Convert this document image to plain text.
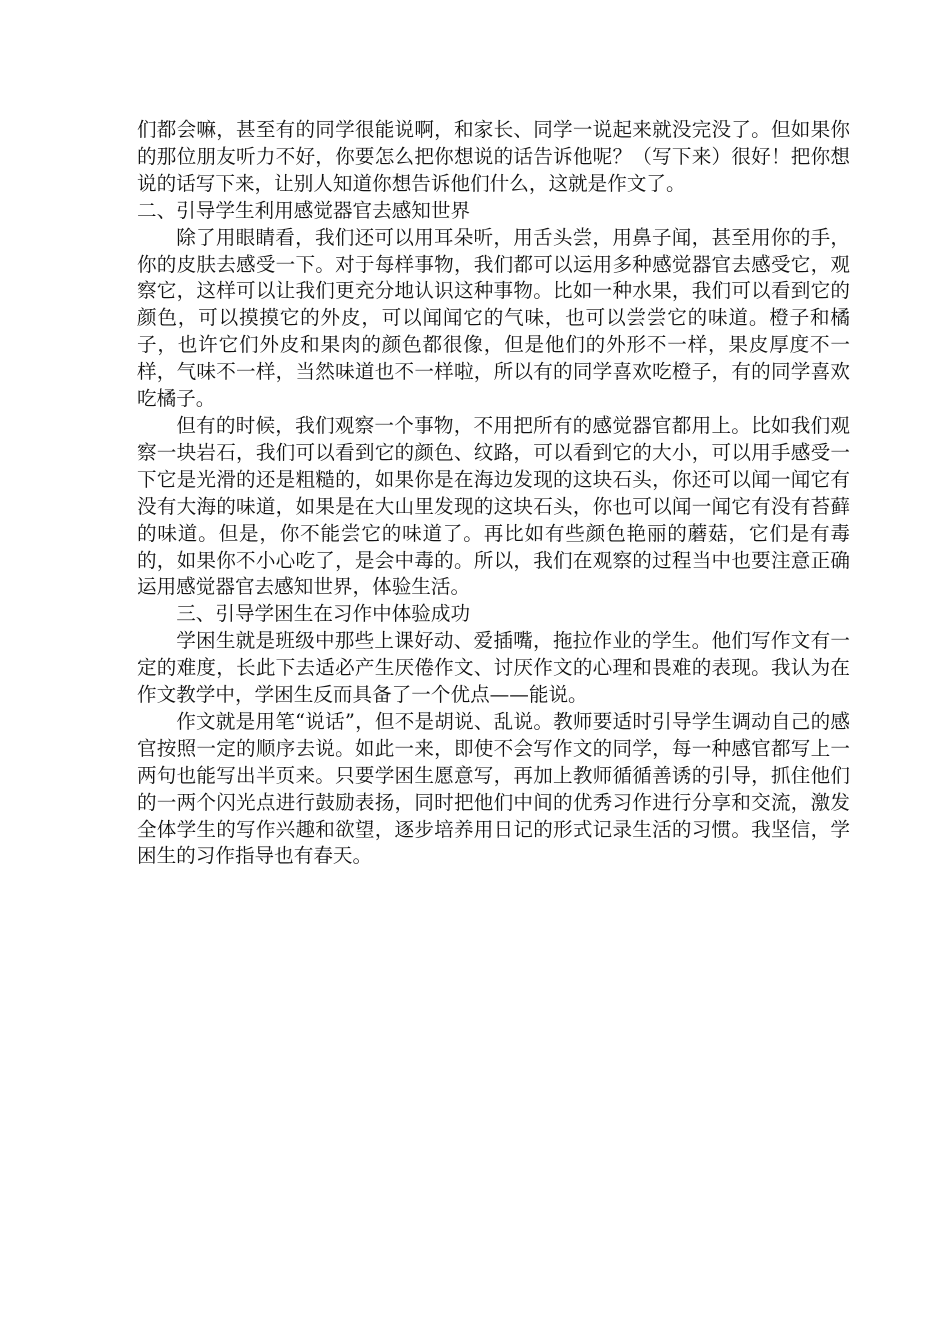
们都会嘛，甚至有的同学很能说啊，和家长、同学一说起来就没完没了。但如果你的那位朋友听力不好，你要怎么把你想说的话告诉他呢？（写下来）很好！把你想说的话写下来，让别人知道你想告诉他们什么，这就是作文了。

二、引导学生利用感觉器官去感知世界

除了用眼睛看，我们还可以用耳朵听，用舌头尝，用鼻子闻，甚至用你的手，你的皮肤去感受一下。对于每样事物，我们都可以运用多种感觉器官去感受它，观察它，这样可以让我们更充分地认识这种事物。比如一种水果，我们可以看到它的颜色，可以摸摸它的外皮，可以闻闻它的气味，也可以尝尝它的味道。橙子和橘子，也许它们外皮和果肉的颜色都很像，但是他们的外形不一样，果皮厚度不一样，气味不一样，当然味道也不一样啦，所以有的同学喜欢吃橙子，有的同学喜欢吃橘子。

但有的时候，我们观察一个事物，不用把所有的感觉器官都用上。比如我们观察一块岩石，我们可以看到它的颜色、纹路，可以看到它的大小，可以用手感受一下它是光滑的还是粗糙的，如果你是在海边发现的这块石头，你还可以闻一闻它有没有大海的味道，如果是在大山里发现的这块石头，你也可以闻一闻它有没有苔藓的味道。但是，你不能尝它的味道了。再比如有些颜色艳丽的蘑菇，它们是有毒的，如果你不小心吃了，是会中毒的。所以，我们在观察的过程当中也要注意正确运用感觉器官去感知世界，体验生活。

三、引导学困生在习作中体验成功

学困生就是班级中那些上课好动、爱插嘴，拖拉作业的学生。他们写作文有一定的难度，长此下去适必产生厌倦作文、讨厌作文的心理和畏难的表现。我认为在作文教学中，学困生反而具备了一个优点——能说。

作文就是用笔“说话”，但不是胡说、乱说。教师要适时引导学生调动自己的感官按照一定的顺序去说。如此一来，即使不会写作文的同学，每一种感官都写上一两句也能写出半页来。只要学困生愿意写，再加上教师循循善诱的引导，抓住他们的一两个闪光点进行鼓励表扬，同时把他们中间的优秀习作进行分享和交流，激发全体学生的写作兴趣和欲望，逐步培养用日记的形式记录生活的习惯。我坚信，学困生的习作指导也有春天。
